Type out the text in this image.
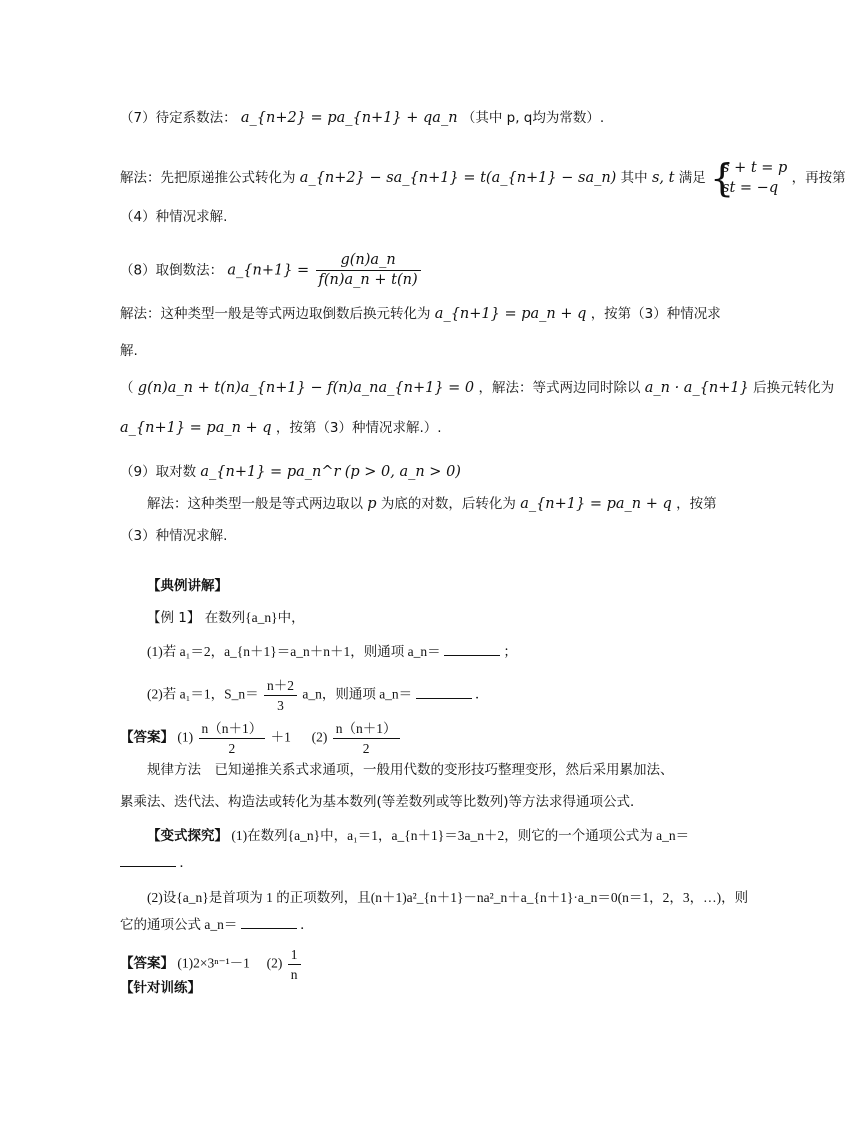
（7）待定系数法： a_{n+2} = pa_{n+1} + qa_n （其中 p, q均为常数）.
解法：先把原递推公式转化为 a_{n+2} − sa_{n+1} = t(a_{n+1} − sa_n) 其中 s, t 满足 {
s + t = p
st = −q
，再按第
（4）种情况求解.
（8）取倒数法： a_{n+1} = $\frac{g(n)a\_n}{f(n)a\_n + t(n)}$
解法：这种类型一般是等式两边取倒数后换元转化为 a_{n+1} = pa_n + q ，按第（3）种情况求
解.
（ g(n)a_n + t(n)a_{n+1} − f(n)a_na_{n+1} = 0 ，解法：等式两边同时除以 a_n · a_{n+1} 后换元转化为
a_{n+1} = pa_n + q ，按第（3）种情况求解.）.
（9）取对数 a_{n+1} = pa_n^r (p > 0, a_n > 0)
解法：这种类型一般是等式两边取以 p 为底的对数，后转化为 a_{n+1} = pa_n + q ，按第
（3）种情况求解.
【典例讲解】
【例 1】 在数列{a_n}中，
(1)若 a₁＝2，a_{n＋1}＝a_n＋n＋1，则通项 a_n＝	；
(2)若 a₁＝1，S_n＝ $\frac{n+2}{3}$ a_n，则通项 a_n＝	．
【答案】 $(1) \frac{n(n+1)}{2} +1$ $(2) \frac{n(n+1)}{2}$
规律方法　已知递推关系式求通项，一般用代数的变形技巧整理变形，然后采用累加法、
累乘法、迭代法、构造法或转化为基本数列(等差数列或等比数列)等方法求得通项公式．
【变式探究】 (1)在数列{a_n}中，a₁＝1，a_{n＋1}＝3a_n＋2，则它的一个通项公式为 a_n＝
．
(2)设{a_n}是首项为 1 的正项数列，且(n＋1)a²_{n＋1}－na²_n＋a_{n＋1}·a_n＝0(n＝1，2，3，…)，则
它的通项公式 a_n＝	．
【答案】 (1)2×3ⁿ⁻¹－1 $(2) \frac{1}{n}$
【针对训练】
